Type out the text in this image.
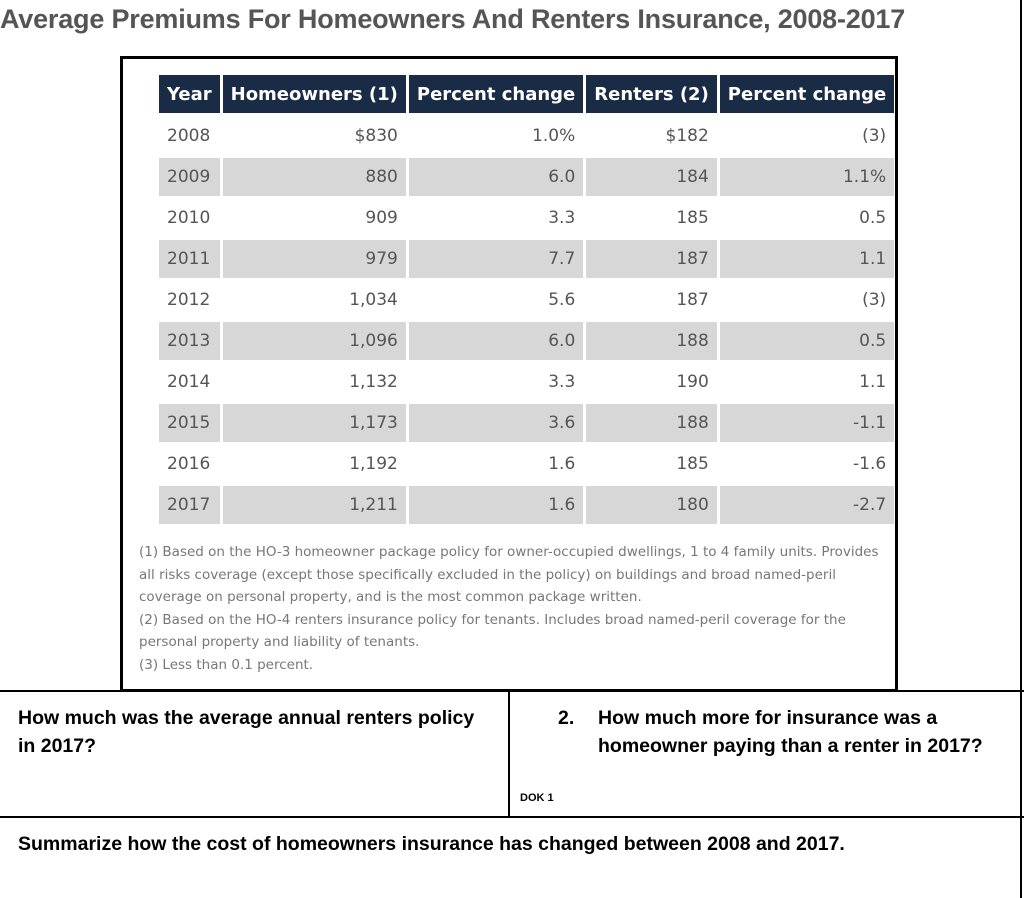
Average Premiums For Homeowners And Renters Insurance, 2008-2017
Year	Homeowners (1)	Percent change	Renters (2)	Percent change
2008	$830	1.0%	$182	(3)
2009	880	6.0	184	1.1%
2010	909	3.3	185	0.5
2011	979	7.7	187	1.1
2012	1,034	5.6	187	(3)
2013	1,096	6.0	188	0.5
2014	1,132	3.3	190	1.1
2015	1,173	3.6	188	-1.1
2016	1,192	1.6	185	-1.6
2017	1,211	1.6	180	-2.7

(1) Based on the HO-3 homeowner package policy for owner-occupied dwellings, 1 to 4 family units. Provides all risks coverage (except those specifically excluded in the policy) on buildings and broad named-peril coverage on personal property, and is the most common package written.

(2) Based on the HO-4 renters insurance policy for tenants. Includes broad named-peril coverage for the personal property and liability of tenants.

(3) Less than 0.1 percent.

How much was the average annual renters policy in 2017?
2. How much more for insurance was a homeowner paying than a renter in 2017?
DOK 1
Summarize how the cost of homeowners insurance has changed between 2008 and 2017.
